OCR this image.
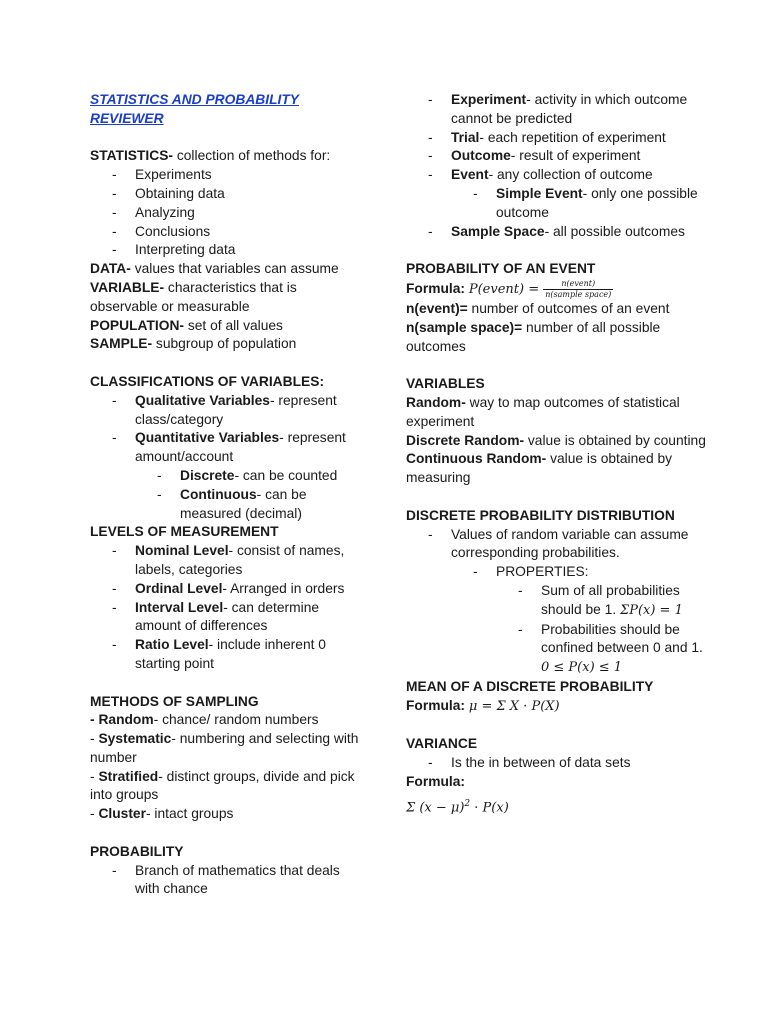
STATISTICS AND PROBABILITY REVIEWER

STATISTICS- collection of methods for:

- Experiments

- Obtaining data

- Analyzing

- Conclusions

- Interpreting data

DATA- values that variables can assume

VARIABLE- characteristics that is observable or measurable

POPULATION- set of all values

SAMPLE- subgroup of population

CLASSIFICATIONS OF VARIABLES:

- Qualitative Variables- represent class/category

- Quantitative Variables- represent amount/account

- Discrete- can be counted

- Continuous- can be measured (decimal)

LEVELS OF MEASUREMENT

- Nominal Level- consist of names, labels, categories

- Ordinal Level- Arranged in orders

- Interval Level- can determine amount of differences

- Ratio Level- include inherent 0 starting point

METHODS OF SAMPLING

- Random- chance/ random numbers

- Systematic- numbering and selecting with number

- Stratified- distinct groups, divide and pick into groups

- Cluster- intact groups

PROBABILITY

- Branch of mathematics that deals with chance

- Experiment- activity in which outcome cannot be predicted

- Trial- each repetition of experiment

- Outcome- result of experiment

- Event- any collection of outcome

- Simple Event- only one possible outcome

- Sample Space- all possible outcomes

PROBABILITY OF AN EVENT

Formula: P(event) = $\frac{\text{n(event)}}{\text{n(sample space)}}$

n(event)= number of outcomes of an event

n(sample space)= number of all possible outcomes

VARIABLES

Random- way to map outcomes of statistical experiment

Discrete Random- value is obtained by counting

Continuous Random- value is obtained by measuring

DISCRETE PROBABILITY DISTRIBUTION

- Values of random variable can assume corresponding probabilities.

- PROPERTIES:

- Sum of all probabilities should be 1. ΣP(x) = 1

- Probabilities should be confined between 0 and 1.
0 ≤ P(x) ≤ 1

MEAN OF A DISCRETE PROBABILITY

Formula: μ = Σ X · P(X)

VARIANCE

- Is the in between of data sets

Formula:

Σ $(x - \mu)^2 \cdot P(x)$
